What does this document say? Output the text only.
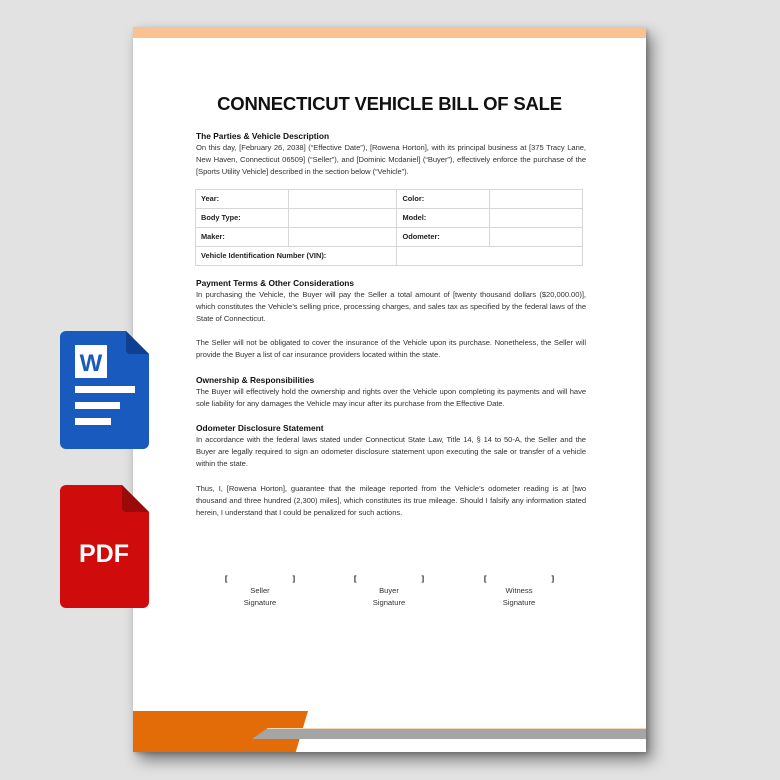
CONNECTICUT VEHICLE BILL OF SALE
The Parties & Vehicle Description
On this day, [February 26, 2038] (“Effective Date”), [Rowena Horton], with its principal business at [375 Tracy Lane, New Haven, Connecticut 06509] (“Seller”), and [Dominic Mcdaniel] (“Buyer”), effectively enforce the purchase of the [Sports Utility Vehicle] described in the section below (“Vehicle”).
Year:		Color:	
Body Type:		Model:	
Maker:		Odometer:	
Vehicle Identification Number (VIN):			
Payment Terms & Other Considerations
In purchasing the Vehicle, the Buyer will pay the Seller a total amount of [twenty thousand dollars ($20,000.00)], which constitutes the Vehicle’s selling price, processing charges, and sales tax as specified by the federal laws of the State of Connecticut.
The Seller will not be obligated to cover the insurance of the Vehicle upon its purchase. Nonetheless, the Seller will provide the Buyer a list of car insurance providers located within the state.
Ownership & Responsibilities
The Buyer will effectively hold the ownership and rights over the Vehicle upon completing its payments and will have sole liability for any damages the Vehicle may incur after its purchase from the Effective Date.
Odometer Disclosure Statement
In accordance with the federal laws stated under Connecticut State Law, Title 14, § 14 to 50-A, the Seller and the Buyer are legally required to sign an odometer disclosure statement upon executing the sale or transfer of a vehicle within the state.
Thus, I, [Rowena Horton], guarantee that the mileage reported from the Vehicle’s odometer reading is at [two thousand and three hundred (2,300) miles], which constitutes its true mileage. Should I falsify any information stated herein, I understand that I could be penalized for such actions.
[	]
Seller
Signature
[	]
Buyer
Signature
[	]
Witness
Signature
W
PDF
